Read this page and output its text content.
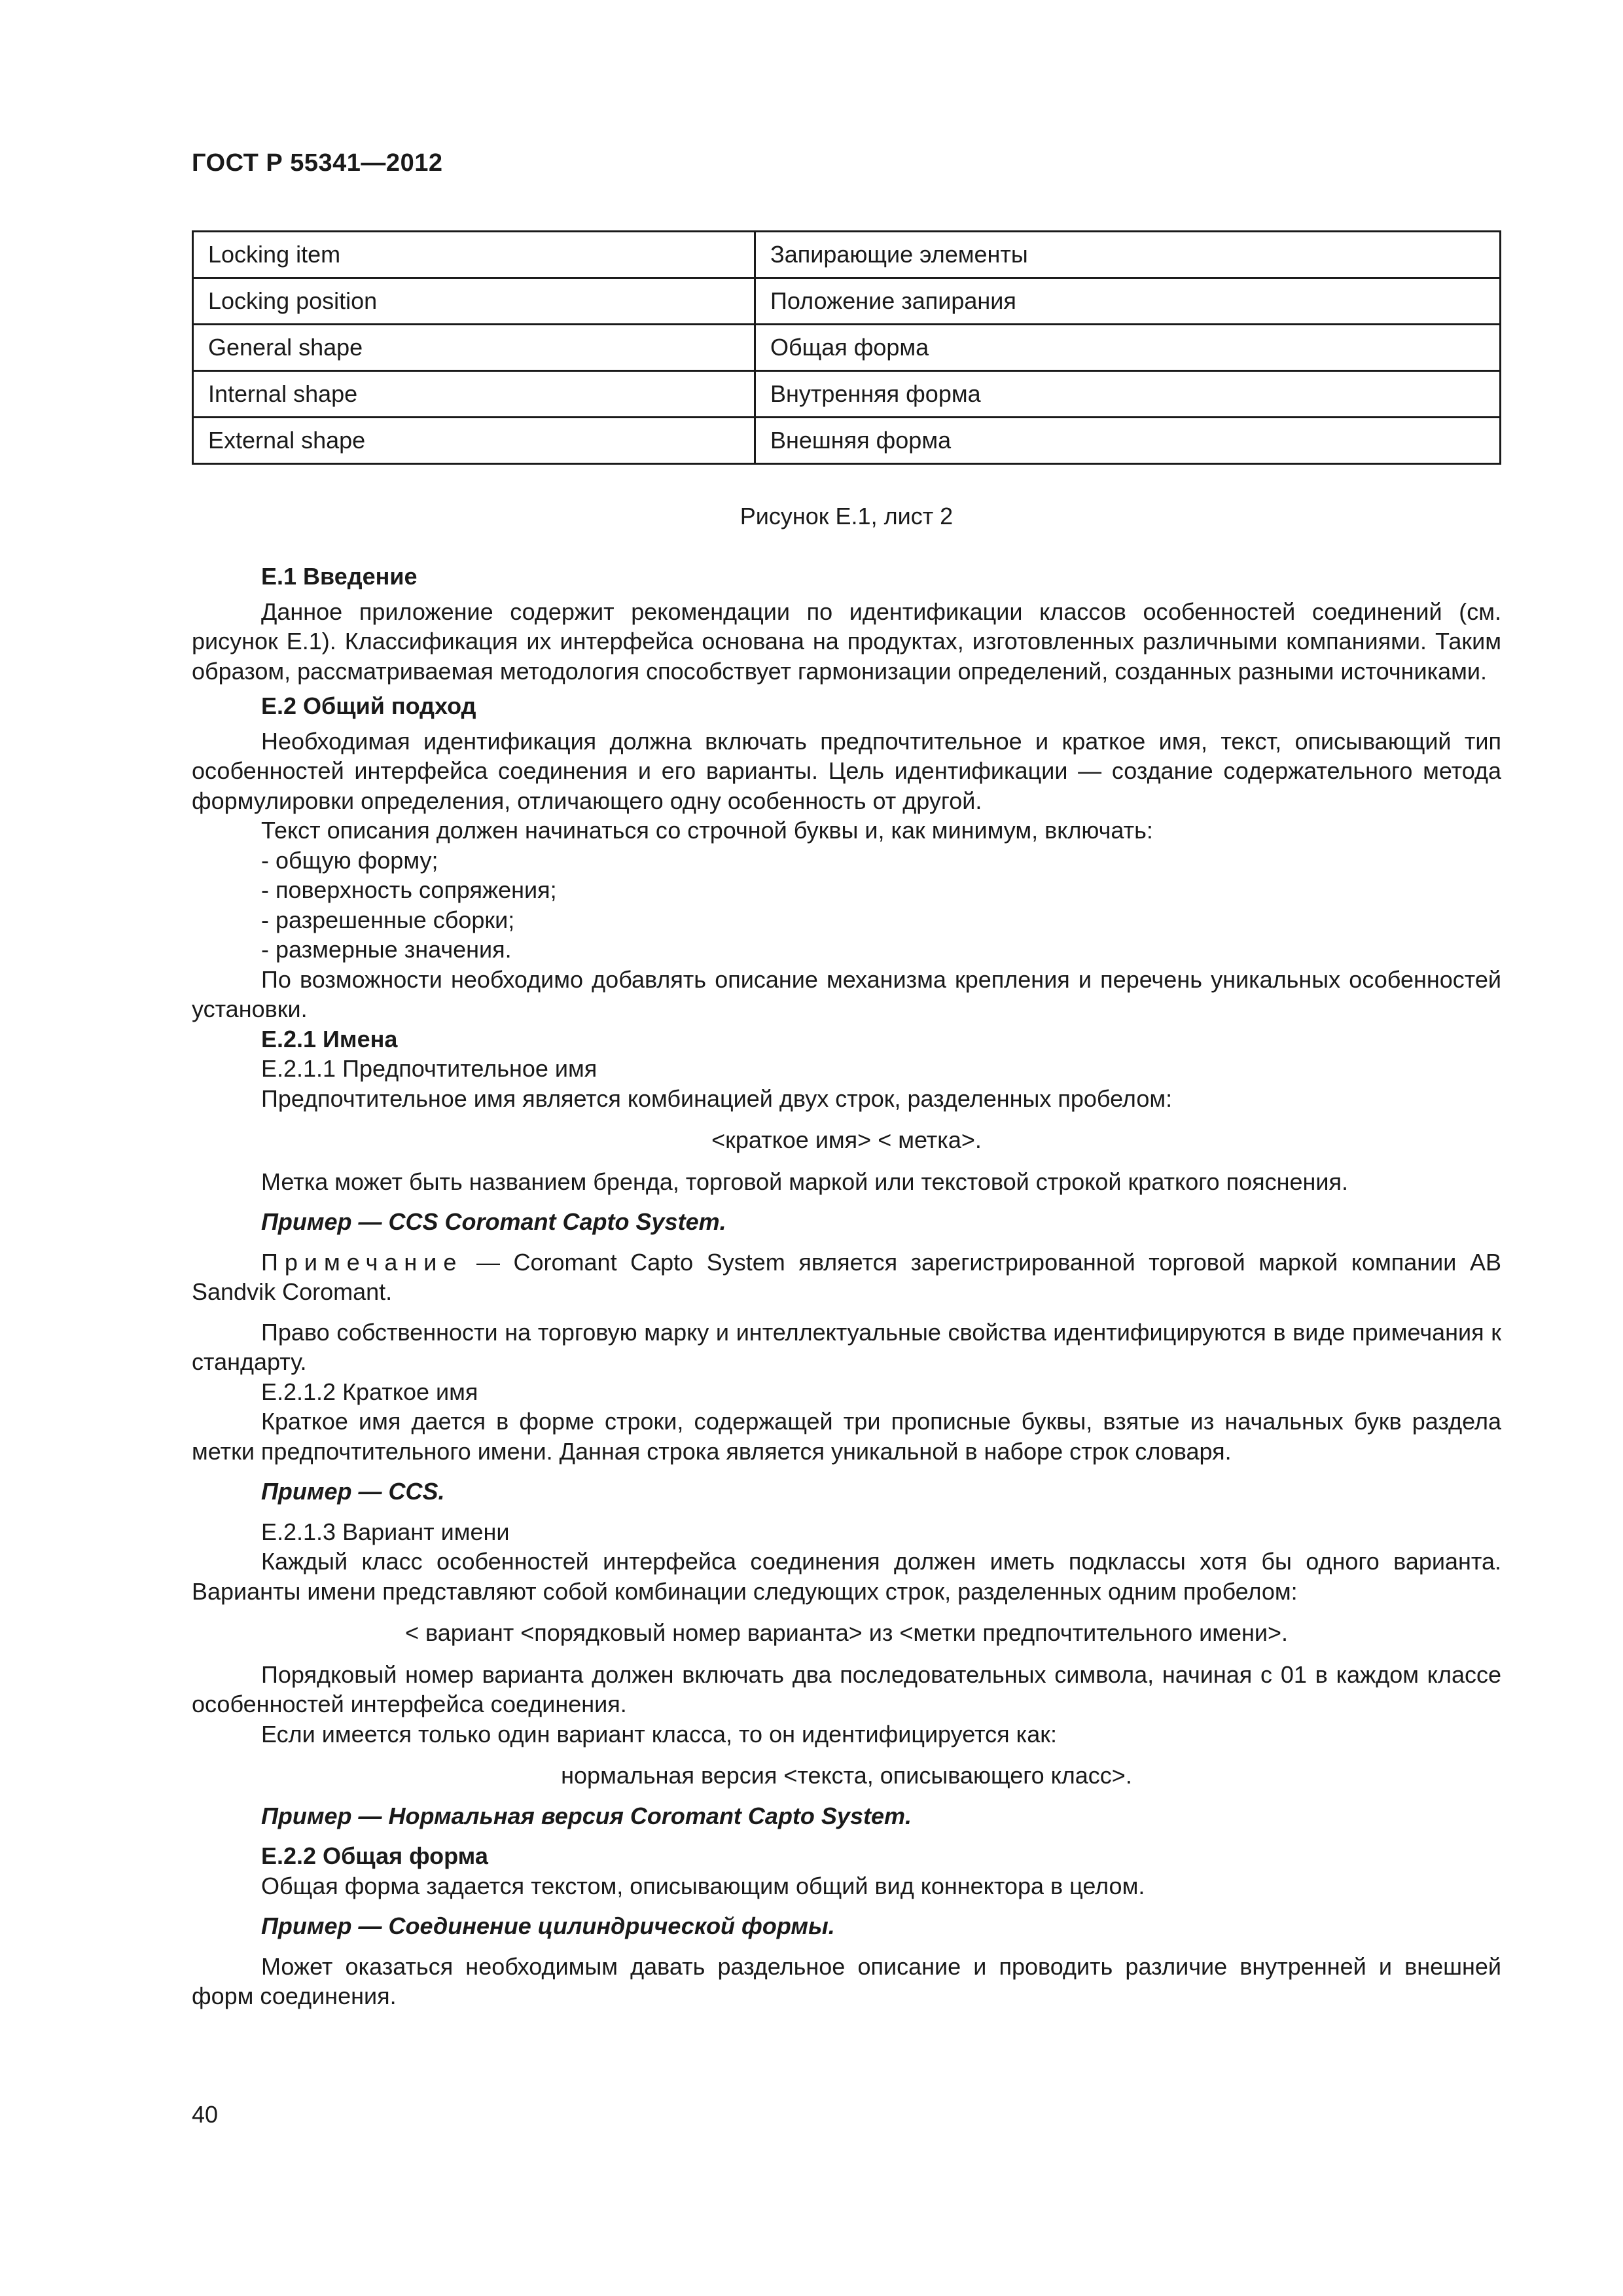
ГОСТ Р 55341—2012
Locking item	Запирающие элементы
Locking position	Положение запирания
General shape	Общая форма
Internal shape	Внутренняя форма
External shape	Внешняя форма
Рисунок Е.1, лист 2

Е.1 Введение

Данное приложение содержит рекомендации по идентификации классов особенностей соединений (см. рисунок Е.1). Классификация их интерфейса основана на продуктах, изготовленных различными компаниями. Таким образом, рассматриваемая методология способствует гармонизации определений, созданных разными источниками.

Е.2 Общий подход

Необходимая идентификация должна включать предпочтительное и краткое имя, текст, описывающий тип особенностей интерфейса соединения и его варианты. Цель идентификации — создание содержательного метода формулировки определения, отличающего одну особенность от другой.

Текст описания должен начинаться со строчной буквы и, как минимум, включать:

- общую форму;

- поверхность сопряжения;

- разрешенные сборки;

- размерные значения.

По возможности необходимо добавлять описание механизма крепления и перечень уникальных особенностей установки.

Е.2.1 Имена

Е.2.1.1 Предпочтительное имя

Предпочтительное имя является комбинацией двух строк, разделенных пробелом:

<краткое имя> < метка>.

Метка может быть названием бренда, торговой маркой или текстовой строкой краткого пояснения.

Пример — CCS Coromant Capto System.

Примечание — Coromant Capto System является зарегистрированной торговой маркой компании AB Sandvik Coromant.

Право собственности на торговую марку и интеллектуальные свойства идентифицируются в виде примечания к стандарту.

Е.2.1.2 Краткое имя

Краткое имя дается в форме строки, содержащей три прописные буквы, взятые из начальных букв раздела метки предпочтительного имени. Данная строка является уникальной в наборе строк словаря.

Пример — CCS.

Е.2.1.3 Вариант имени

Каждый класс особенностей интерфейса соединения должен иметь подклассы хотя бы одного варианта. Варианты имени представляют собой комбинации следующих строк, разделенных одним пробелом:

< вариант <порядковый номер варианта> из <метки предпочтительного имени>.

Порядковый номер варианта должен включать два последовательных символа, начиная с 01 в каждом классе особенностей интерфейса соединения.

Если имеется только один вариант класса, то он идентифицируется как:

нормальная версия <текста, описывающего класс>.

Пример — Нормальная версия Coromant Capto System.

Е.2.2 Общая форма

Общая форма задается текстом, описывающим общий вид коннектора в целом.

Пример — Соединение цилиндрической формы.

Может оказаться необходимым давать раздельное описание и проводить различие внутренней и внешней форм соединения.

40
